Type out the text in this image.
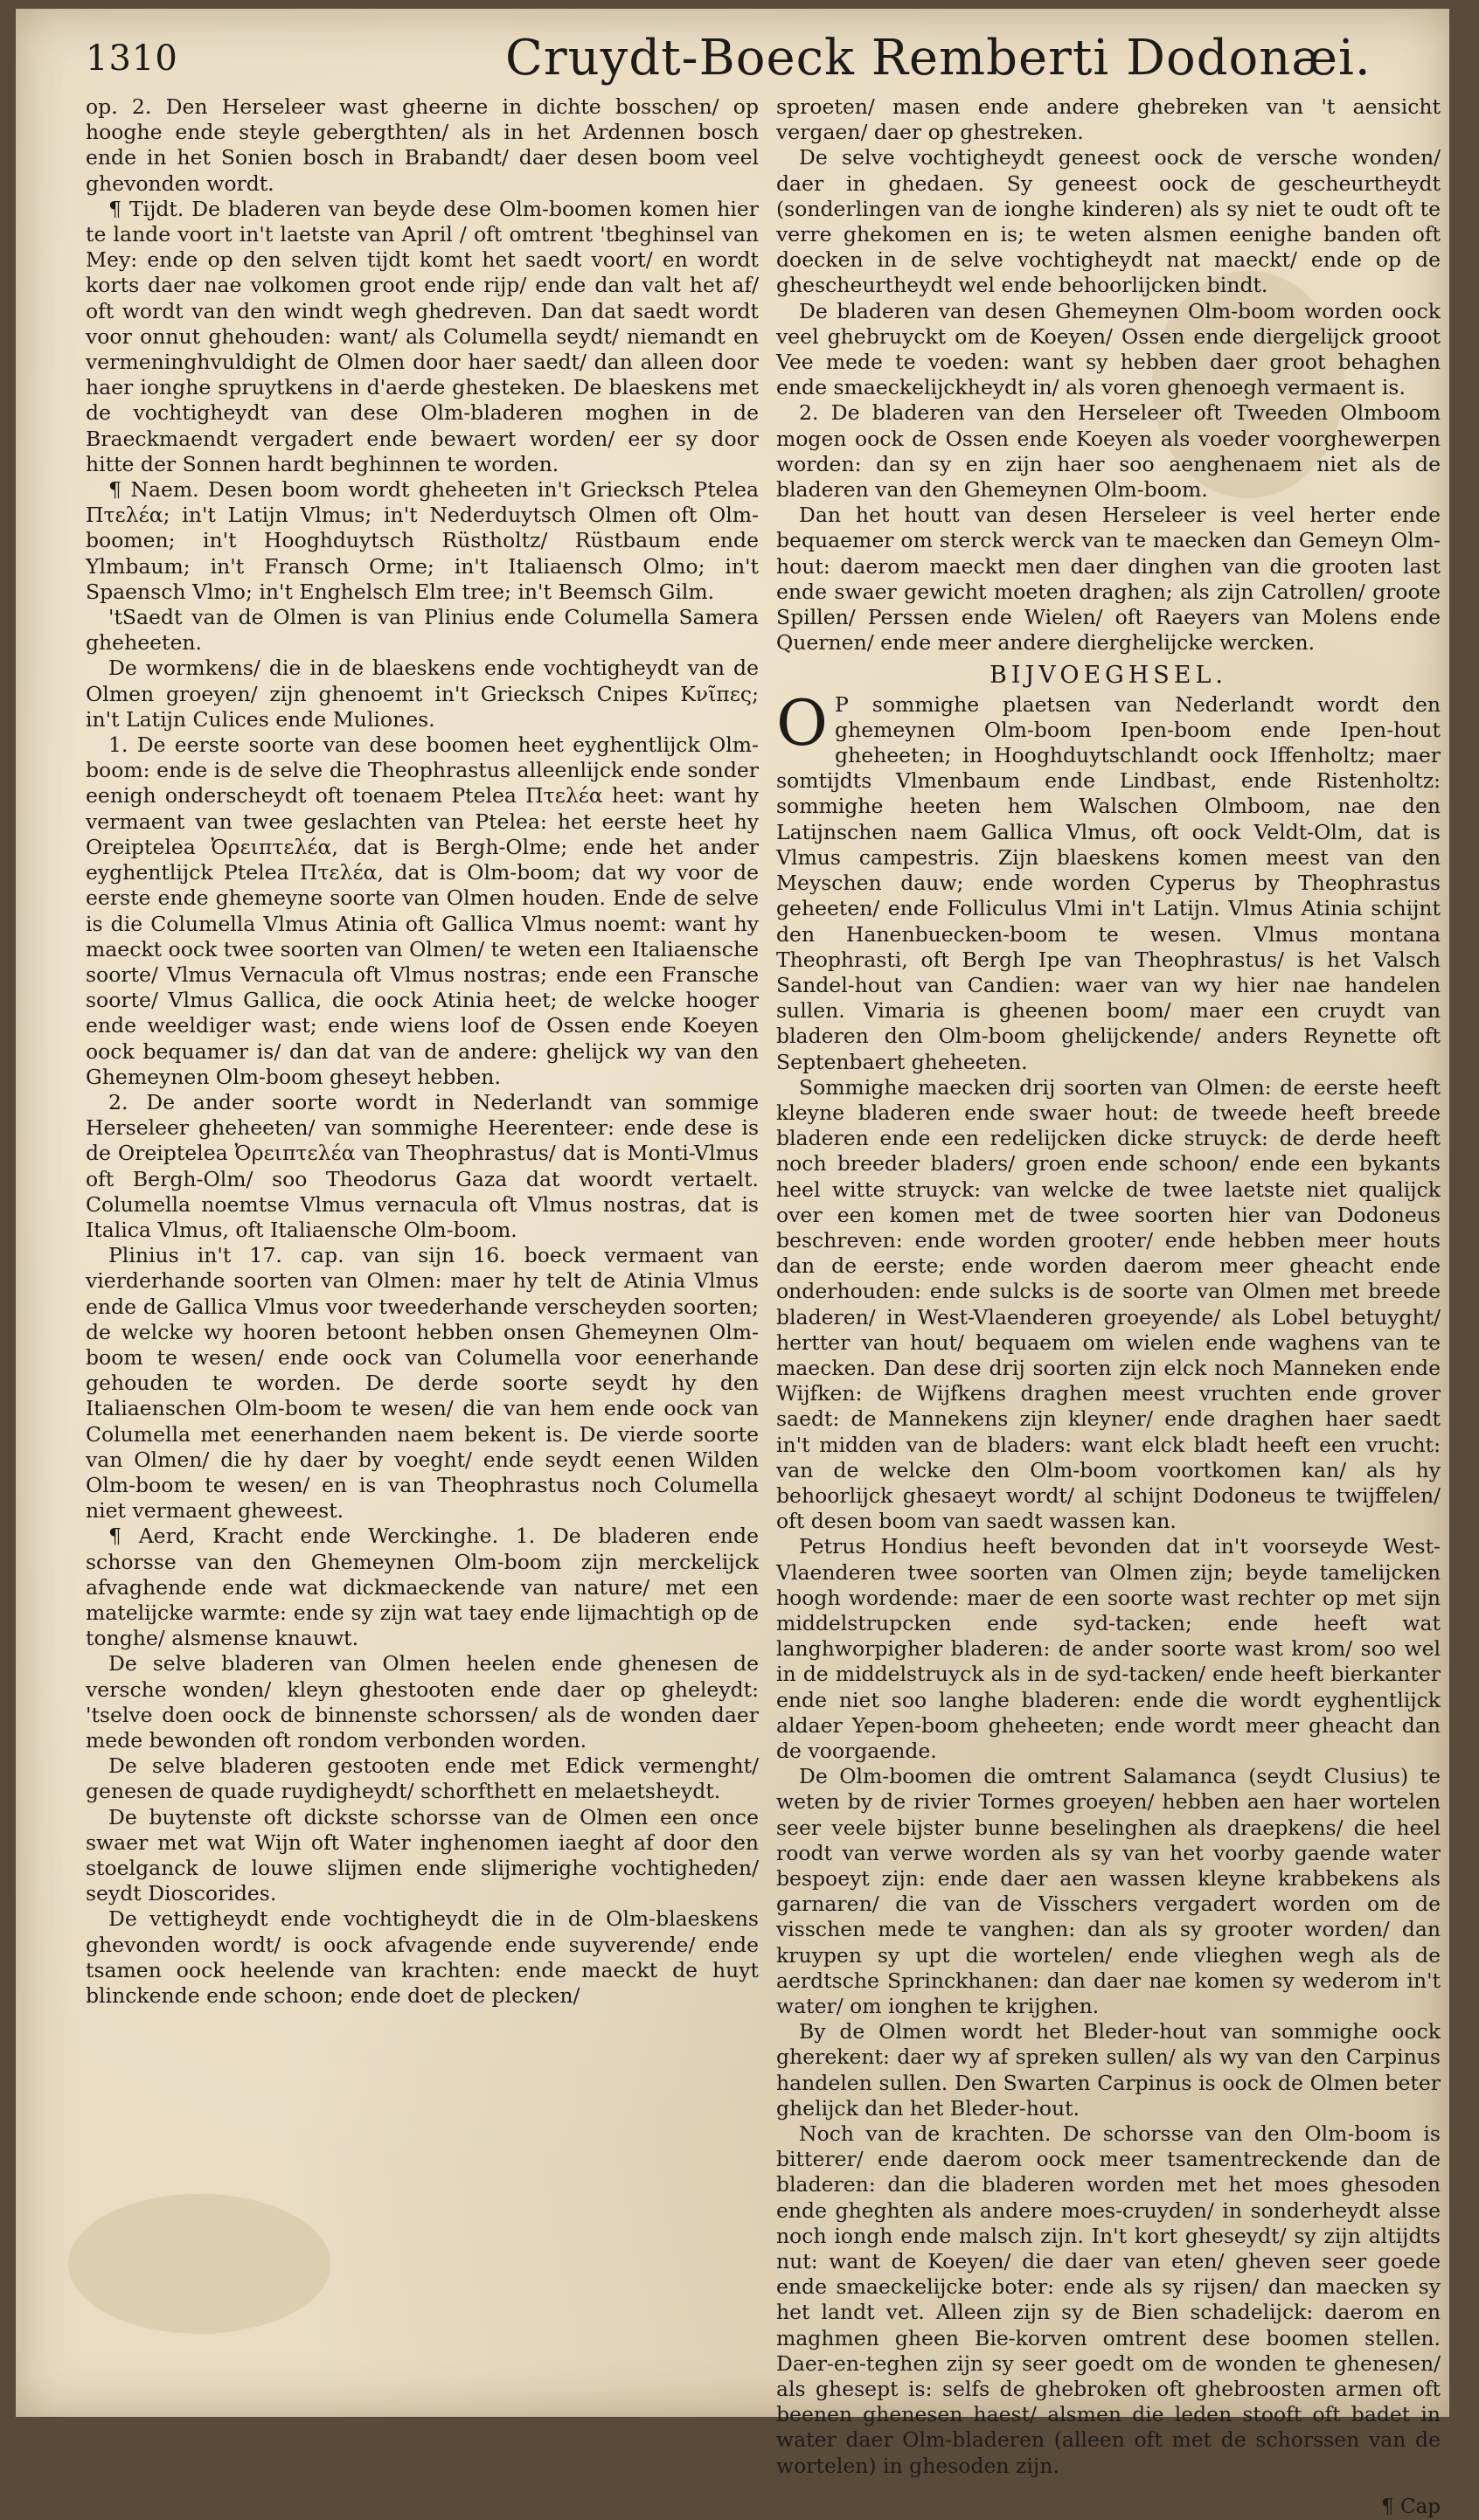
1310	Cruydt-Boeck Remberti Dodonæi.

op. 2. Den Herseleer wast gheerne in dichte bosschen/ op hooghe ende steyle gebergthten/ als in het Ardennen bosch ende in het Sonien bosch in Brabandt/ daer desen boom veel ghevonden wordt.

¶ Tijdt. De bladeren van beyde dese Olm-boomen komen hier te lande voort in't laetste van April / oft omtrent 'tbeghinsel van Mey: ende op den selven tijdt komt het saedt voort/ en wordt korts daer nae volkomen groot ende rijp/ ende dan valt het af/ oft wordt van den windt wegh ghedreven. Dan dat saedt wordt voor onnut ghehouden: want/ als Columella seydt/ niemandt en vermeninghvuldight de Olmen door haer saedt/ dan alleen door haer ionghe spruytkens in d'aerde ghesteken. De blaeskens met de vochtigheydt van dese Olm-bladeren moghen in de Braeckmaendt vergadert ende bewaert worden/ eer sy door hitte der Sonnen hardt beghinnen te worden.

¶ Naem. Desen boom wordt gheheeten in't Griecksch Ptelea Πτελέα; in't Latijn Vlmus; in't Nederduytsch Olmen oft Olm-boomen; in't Hooghduytsch Rüstholtz/ Rüstbaum ende Ylmbaum; in't Fransch Orme; in't Italiaensch Olmo; in't Spaensch Vlmo; in't Enghelsch Elm tree; in't Beemsch Gilm.

'tSaedt van de Olmen is van Plinius ende Columella Samera gheheeten.

De wormkens/ die in de blaeskens ende vochtigheydt van de Olmen groeyen/ zijn ghenoemt in't Griecksch Cnipes Κνῖπες; in't Latijn Culices ende Muliones.

1. De eerste soorte van dese boomen heet eyghentlijck Olm-boom: ende is de selve die Theophrastus alleenlijck ende sonder eenigh onderscheydt oft toenaem Ptelea Πτελέα heet: want hy vermaent van twee geslachten van Ptelea: het eerste heet hy Oreiptelea Ὀρειπτελέα, dat is Bergh-Olme; ende het ander eyghentlijck Ptelea Πτελέα, dat is Olm-boom; dat wy voor de eerste ende ghemeyne soorte van Olmen houden. Ende de selve is die Columella Vlmus Atinia oft Gallica Vlmus noemt: want hy maeckt oock twee soorten van Olmen/ te weten een Italiaensche soorte/ Vlmus Vernacula oft Vlmus nostras; ende een Fransche soorte/ Vlmus Gallica, die oock Atinia heet; de welcke hooger ende weeldiger wast; ende wiens loof de Ossen ende Koeyen oock bequamer is/ dan dat van de andere: ghelijck wy van den Ghemeynen Olm-boom gheseyt hebben.

2. De ander soorte wordt in Nederlandt van sommige Herseleer gheheeten/ van sommighe Heerenteer: ende dese is de Oreiptelea Ὀρειπτελέα van Theophrastus/ dat is Monti-Vlmus oft Bergh-Olm/ soo Theodorus Gaza dat woordt vertaelt. Columella noemtse Vlmus vernacula oft Vlmus nostras, dat is Italica Vlmus, oft Italiaensche Olm-boom.

Plinius in't 17. cap. van sijn 16. boeck vermaent van vierderhande soorten van Olmen: maer hy telt de Atinia Vlmus ende de Gallica Vlmus voor tweederhande verscheyden soorten; de welcke wy hooren betoont hebben onsen Ghemeynen Olm-boom te wesen/ ende oock van Columella voor eenerhande gehouden te worden. De derde soorte seydt hy den Italiaenschen Olm-boom te wesen/ die van hem ende oock van Columella met eenerhanden naem bekent is. De vierde soorte van Olmen/ die hy daer by voeght/ ende seydt eenen Wilden Olm-boom te wesen/ en is van Theophrastus noch Columella niet vermaent gheweest.

¶ Aerd, Kracht ende Werckinghe. 1. De bladeren ende schorsse van den Ghemeynen Olm-boom zijn merckelijck afvaghende ende wat dickmaeckende van nature/ met een matelijcke warmte: ende sy zijn wat taey ende lijmachtigh op de tonghe/ alsmense knauwt.

De selve bladeren van Olmen heelen ende ghenesen de versche wonden/ kleyn ghestooten ende daer op gheleydt: 'tselve doen oock de binnenste schorssen/ als de wonden daer mede bewonden oft rondom verbonden worden.

De selve bladeren gestooten ende met Edick vermenght/ genesen de quade ruydigheydt/ schorfthett en melaetsheydt.

De buytenste oft dickste schorsse van de Olmen een once swaer met wat Wijn oft Water inghenomen iaeght af door den stoelganck de louwe slijmen ende slijmerighe vochtigheden/ seydt Dioscorides.

De vettigheydt ende vochtigheydt die in de Olm-blaeskens ghevonden wordt/ is oock afvagende ende suyverende/ ende tsamen oock heelende van krachten: ende maeckt de huyt blinckende ende schoon; ende doet de plecken/

sproeten/ masen ende andere ghebreken van 't aensicht vergaen/ daer op ghestreken.

De selve vochtigheydt geneest oock de versche wonden/ daer in ghedaen. Sy geneest oock de gescheurtheydt (sonderlingen van de ionghe kinderen) als sy niet te oudt oft te verre ghekomen en is; te weten alsmen eenighe banden oft doecken in de selve vochtigheydt nat maeckt/ ende op de ghescheurtheydt wel ende behoorlijcken bindt.

De bladeren van desen Ghemeynen Olm-boom worden oock veel ghebruyckt om de Koeyen/ Ossen ende diergelijck grooot Vee mede te voeden: want sy hebben daer groot behaghen ende smaeckelijckheydt in/ als voren ghenoegh vermaent is.

2. De bladeren van den Herseleer oft Tweeden Olmboom mogen oock de Ossen ende Koeyen als voeder voorghewerpen worden: dan sy en zijn haer soo aenghenaem niet als de bladeren van den Ghemeynen Olm-boom.

Dan het houtt van desen Herseleer is veel herter ende bequaemer om sterck werck van te maecken dan Gemeyn Olm-hout: daerom maeckt men daer dinghen van die grooten last ende swaer gewicht moeten draghen; als zijn Catrollen/ groote Spillen/ Perssen ende Wielen/ oft Raeyers van Molens ende Quernen/ ende meer andere dierghelijcke wercken.

BIJVOEGHSEL.

O P sommighe plaetsen van Nederlandt wordt den ghemeynen Olm-boom Ipen-boom ende Ipen-hout gheheeten; in Hooghduytschlandt oock Iffenholtz; maer somtijdts Vlmenbaum ende Lindbast, ende Ristenholtz: sommighe heeten hem Walschen Olmboom, nae den Latijnschen naem Gallica Vlmus, oft oock Veldt-Olm, dat is Vlmus campestris. Zijn blaeskens komen meest van den Meyschen dauw; ende worden Cyperus by Theophrastus geheeten/ ende Folliculus Vlmi in't Latijn. Vlmus Atinia schijnt den Hanenbuecken-boom te wesen. Vlmus montana Theophrasti, oft Bergh Ipe van Theophrastus/ is het Valsch Sandel-hout van Candien: waer van wy hier nae handelen sullen. Vimaria is gheenen boom/ maer een cruydt van bladeren den Olm-boom ghelijckende/ anders Reynette oft Septenbaert gheheeten.

Sommighe maecken drij soorten van Olmen: de eerste heeft kleyne bladeren ende swaer hout: de tweede heeft breede bladeren ende een redelijcken dicke struyck: de derde heeft noch breeder bladers/ groen ende schoon/ ende een bykants heel witte struyck: van welcke de twee laetste niet qualijck over een komen met de twee soorten hier van Dodoneus beschreven: ende worden grooter/ ende hebben meer houts dan de eerste; ende worden daerom meer gheacht ende onderhouden: ende sulcks is de soorte van Olmen met breede bladeren/ in West-Vlaenderen groeyende/ als Lobel betuyght/ hertter van hout/ bequaem om wielen ende waghens van te maecken. Dan dese drij soorten zijn elck noch Manneken ende Wijfken: de Wijfkens draghen meest vruchten ende grover saedt: de Mannekens zijn kleyner/ ende draghen haer saedt in't midden van de bladers: want elck bladt heeft een vrucht: van de welcke den Olm-boom voortkomen kan/ als hy behoorlijck ghesaeyt wordt/ al schijnt Dodoneus te twijffelen/ oft desen boom van saedt wassen kan.

Petrus Hondius heeft bevonden dat in't voorseyde West-Vlaenderen twee soorten van Olmen zijn; beyde tamelijcken hoogh wordende: maer de een soorte wast rechter op met sijn middelstrupcken ende syd-tacken; ende heeft wat langhworpigher bladeren: de ander soorte wast krom/ soo wel in de middelstruyck als in de syd-tacken/ ende heeft bierkanter ende niet soo langhe bladeren: ende die wordt eyghentlijck aldaer Yepen-boom gheheeten; ende wordt meer gheacht dan de voorgaende.

De Olm-boomen die omtrent Salamanca (seydt Clusius) te weten by de rivier Tormes groeyen/ hebben aen haer wortelen seer veele bijster bunne beselinghen als draepkens/ die heel roodt van verwe worden als sy van het voorby gaende water bespoeyt zijn: ende daer aen wassen kleyne krabbekens als garnaren/ die van de Visschers vergadert worden om de visschen mede te vanghen: dan als sy grooter worden/ dan kruypen sy upt die wortelen/ ende vlieghen wegh als de aerdtsche Sprinckhanen: dan daer nae komen sy wederom in't water/ om ionghen te krijghen.

By de Olmen wordt het Bleder-hout van sommighe oock gherekent: daer wy af spreken sullen/ als wy van den Carpinus handelen sullen. Den Swarten Carpinus is oock de Olmen beter ghelijck dan het Bleder-hout.

Noch van de krachten. De schorsse van den Olm-boom is bitterer/ ende daerom oock meer tsamentreckende dan de bladeren: dan die bladeren worden met het moes ghesoden ende gheghten als andere moes-cruyden/ in sonderheydt alsse noch iongh ende malsch zijn. In't kort gheseydt/ sy zijn altijdts nut: want de Koeyen/ die daer van eten/ gheven seer goede ende smaeckelijcke boter: ende als sy rijsen/ dan maecken sy het landt vet. Alleen zijn sy de Bien schadelijck: daerom en maghmen gheen Bie-korven omtrent dese boomen stellen. Daer-en-teghen zijn sy seer goedt om de wonden te ghenesen/ als ghesept is: selfs de ghebroken oft ghebroosten armen oft beenen ghenesen haest/ alsmen die leden stooft oft badet in water daer Olm-bladeren (alleen oft met de schorssen van de wortelen) in ghesoden zijn.

¶ Cap
